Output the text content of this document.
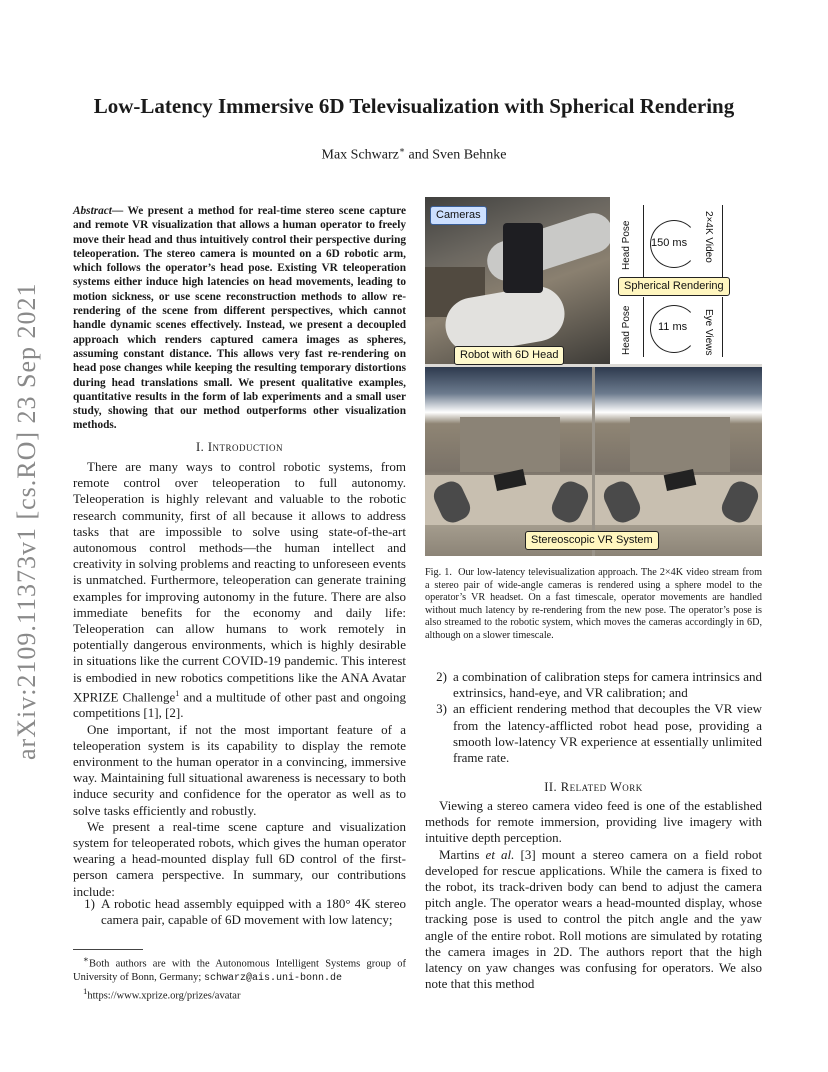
arXiv:2109.11373v1 [cs.RO] 23 Sep 2021
Low-Latency Immersive 6D Televisualization with Spherical Rendering
Max Schwarz∗ and Sven Behnke
Abstract— We present a method for real-time stereo scene capture and remote VR visualization that allows a human operator to freely move their head and thus intuitively control their perspective during teleoperation. The stereo camera is mounted on a 6D robotic arm, which follows the operator’s head pose. Existing VR teleoperation systems either induce high latencies on head movements, leading to motion sickness, or use scene reconstruction methods to allow re-rendering of the scene from different perspectives, which cannot handle dynamic scenes effectively. Instead, we present a decoupled approach which renders captured camera images as spheres, assuming constant distance. This allows very fast re-rendering on head pose changes while keeping the resulting temporary distortions during head translations small. We present qualitative examples, quantitative results in the form of lab experiments and a small user study, showing that our method outperforms other visualization methods.
I. Introduction

There are many ways to control robotic systems, from remote control over teleoperation to full autonomy. Teleoperation is highly relevant and valuable to the robotic research community, first of all because it allows to address tasks that are impossible to solve using state-of-the-art autonomous control methods—the human intellect and creativity in solving problems and reacting to unforeseen events is unmatched. Furthermore, teleoperation can generate training examples for improving autonomy in the future. There are also immediate benefits for the economy and daily life: Teleoperation can allow humans to work remotely in potentially dangerous environments, which is highly desirable in situations like the current COVID-19 pandemic. This interest is embodied in new robotics competitions like the ANA Avatar XPRIZE Challenge$^1$ and a multitude of other past and ongoing competitions [1], [2].

One important, if not the most important feature of a teleoperation system is its capability to display the remote environment to the human operator in a convincing, immersive way. Maintaining full situational awareness is necessary to both induce security and confidence for the operator as well as to solve tasks efficiently and robustly.

We present a real-time scene capture and visualization system for teleoperated robots, which gives the human operator wearing a head-mounted display full 6D control of the first-person camera perspective. In summary, our contributions include:

1) A robotic head assembly equipped with a 180° 4K stereo camera pair, capable of 6D movement with low latency;

∗Both authors are with the Autonomous Intelligent Systems group of University of Bonn, Germany; schwarz@ais.uni-bonn.de

$^1$https://www.xprize.org/prizes/avatar

Cameras
Robot with 6D Head
150 ms
11 ms
Head Pose	2×4K Video
Head Pose	Eye Views
Spherical Rendering
Stereoscopic VR System
Fig. 1. Our low-latency televisualization approach. The 2×4K video stream from a stereo pair of wide-angle cameras is rendered using a sphere model to the operator’s VR headset. On a fast timescale, operator movements are handled without much latency by re-rendering from the new pose. The operator’s pose is also streamed to the robotic system, which moves the cameras accordingly in 6D, although on a slower timescale.
2) a combination of calibration steps for camera intrinsics and extrinsics, hand-eye, and VR calibration; and
3) an efficient rendering method that decouples the VR view from the latency-afflicted robot head pose, providing a smooth low-latency VR experience at essentially unlimited frame rate.
II. Related Work

Viewing a stereo camera video feed is one of the established methods for remote immersion, providing live imagery with intuitive depth perception.

Martins et al. [3] mount a stereo camera on a field robot developed for rescue applications. While the camera is fixed to the robot, its track-driven body can bend to adjust the camera pitch angle. The operator wears a head-mounted display, whose tracking pose is used to control the pitch angle and the yaw angle of the entire robot. Roll motions are simulated by rotating the camera images in 2D. The authors report that the high latency on yaw changes was confusing for operators. We also note that this method
